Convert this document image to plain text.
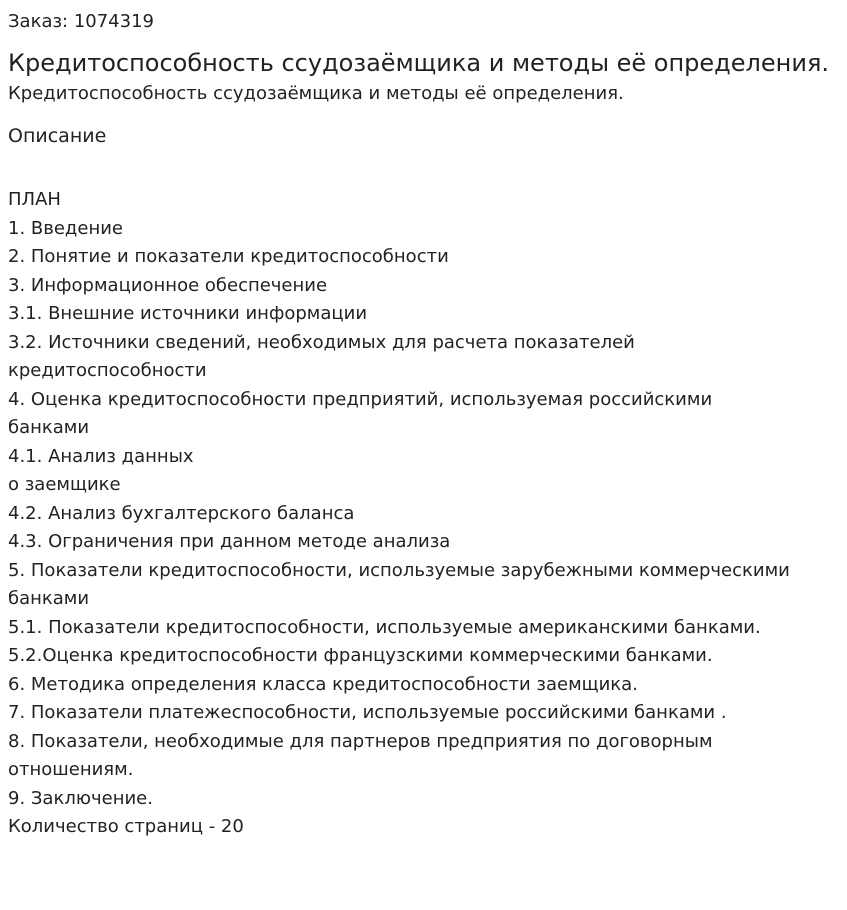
Заказ: 1074319

Кредитоспособность ссудозаёмщика и методы её определения.

Кредитоспособность ссудозаёмщика и методы её определения.

Описание

ПЛАН
1. Введение
2. Понятие и показатели кредитоспособности
3. Информационное обеспечение
3.1. Внешние источники информации
3.2. Источники сведений, необходимых для расчета показателей
кредитоспособности
4. Оценка кредитоспособности предприятий, используемая российскими
банками
4.1. Анализ данных
о заемщике
4.2. Анализ бухгалтерского баланса
4.3. Ограничения при данном методе анализа
5. Показатели кредитоспособности, используемые зарубежными коммерческими
банками
5.1. Показатели кредитоспособности, используемые американскими банками.
5.2.Оценка кредитоспособности французскими коммерческими банками.
6. Методика определения класса кредитоспособности заемщика.
7. Показатели платежеспособности, используемые российскими банками .
8. Показатели, необходимые для партнеров предприятия по договорным
отношениям.
9. Заключение.
Количество страниц - 20
